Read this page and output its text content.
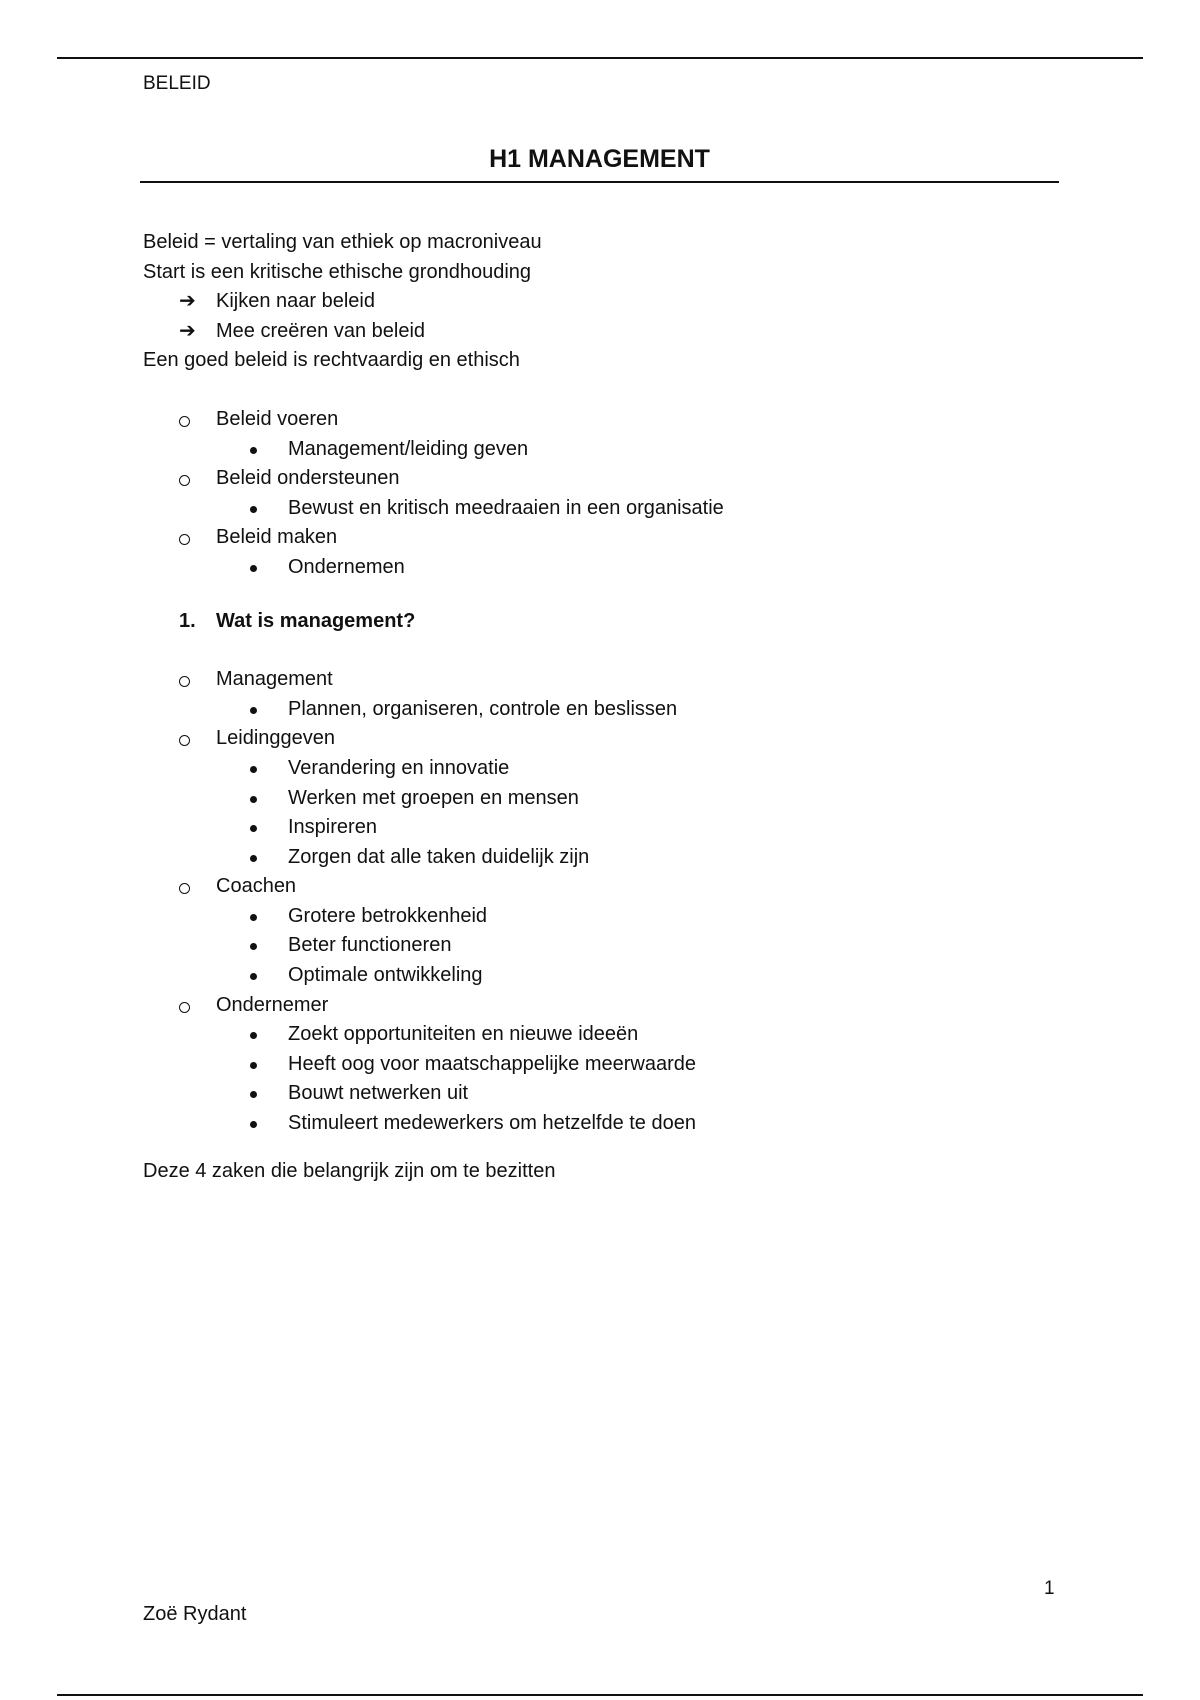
BELEID
H1 MANAGEMENT
Beleid = vertaling van ethiek op macroniveau
Start is een kritische ethische grondhouding
➔ Kijken naar beleid
➔ Mee creëren van beleid
Een goed beleid is rechtvaardig en ethisch
Beleid voeren
Management/leiding geven
Beleid ondersteunen
Bewust en kritisch meedraaien in een organisatie
Beleid maken
Ondernemen
1. Wat is management?
Management
Plannen, organiseren, controle en beslissen
Leidinggeven
Verandering en innovatie
Werken met groepen en mensen
Inspireren
Zorgen dat alle taken duidelijk zijn
Coachen
Grotere betrokkenheid
Beter functioneren
Optimale ontwikkeling
Ondernemer
Zoekt opportuniteiten en nieuwe ideeën
Heeft oog voor maatschappelijke meerwaarde
Bouwt netwerken uit
Stimuleert medewerkers om hetzelfde te doen
Deze 4 zaken die belangrijk zijn om te bezitten
1
Zoë Rydant
